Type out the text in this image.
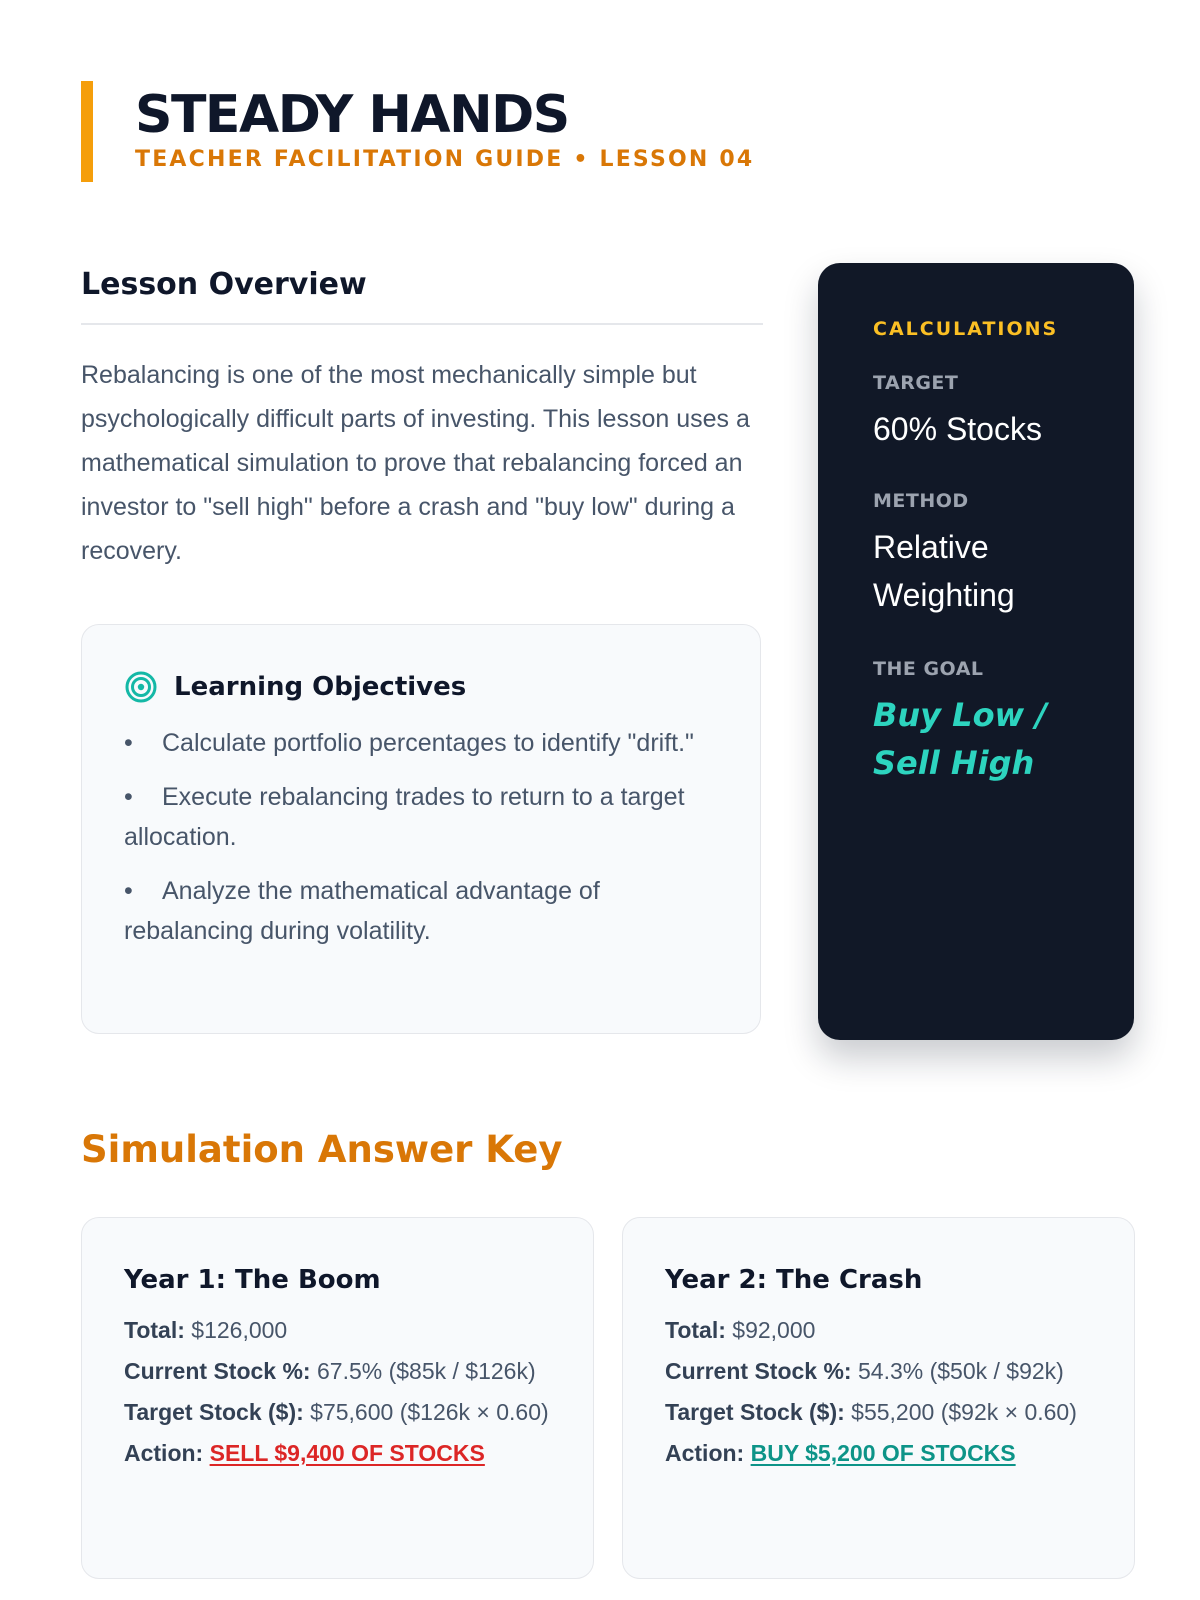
STEADY HANDS
TEACHER FACILITATION GUIDE • LESSON 04
Lesson Overview

Rebalancing is one of the most mechanically simple but psychologically difficult parts of investing. This lesson uses a mathematical simulation to prove that rebalancing forced an investor to "sell high" before a crash and "buy low" during a recovery.

Learning Objectives
• Calculate portfolio percentages to identify "drift."
• Execute rebalancing trades to return to a target allocation.
• Analyze the mathematical advantage of rebalancing during volatility.
CALCULATIONS
TARGET
60% Stocks
METHOD
Relative Weighting
THE GOAL
Buy Low / Sell High
Simulation Answer Key
Year 1: The Boom
Total: $126,000
Current Stock %: 67.5% ($85k / $126k)
Target Stock ($): $75,600 ($126k × 0.60)
Action: SELL $9,400 OF STOCKS
Year 2: The Crash
Total: $92,000
Current Stock %: 54.3% ($50k / $92k)
Target Stock ($): $55,200 ($92k × 0.60)
Action: BUY $5,200 OF STOCKS
